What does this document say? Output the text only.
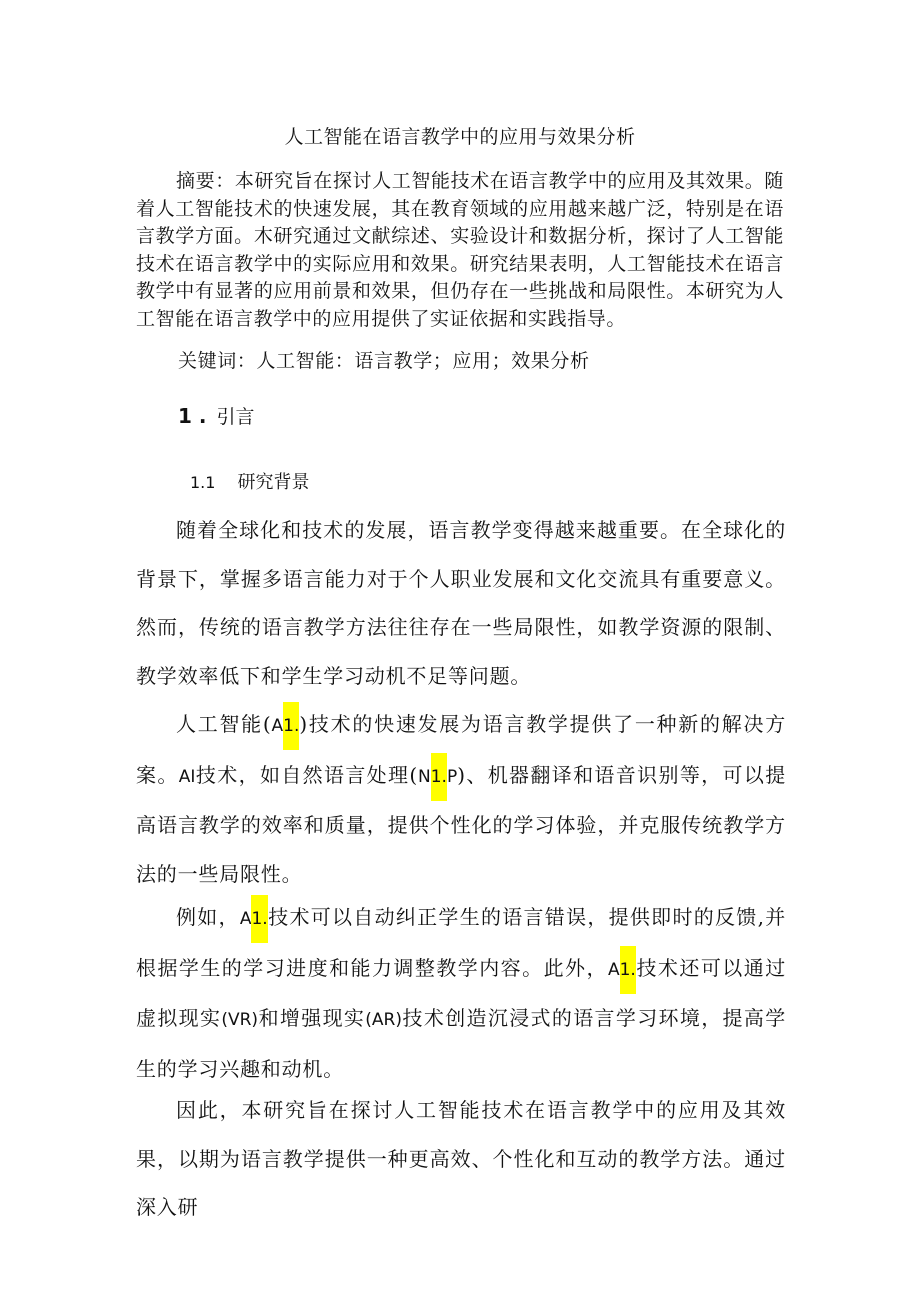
人工智能在语言教学中的应用与效果分析
摘要：本研究旨在探讨人工智能技术在语言教学中的应用及其效果。随着人工智能技术的快速发展，其在教育领域的应用越来越广泛，特别是在语言教学方面。木研究通过文献综述、实验设计和数据分析，探讨了人工智能技术在语言教学中的实际应用和效果。研究结果表明，人工智能技术在语言教学中有显著的应用前景和效果，但仍存在一些挑战和局限性。本研究为人工智能在语言教学中的应用提供了实证依据和实践指导。
关键词：人工智能：语言教学；应用；效果分析
1 . 引言
1.1 研究背景
随着全球化和技术的发展，语言教学变得越来越重要。在全球化的背景下，掌握多语言能力对于个人职业发展和文化交流具有重要意义。然而，传统的语言教学方法往往存在一些局限性，如教学资源的限制、教学效率低下和学生学习动机不足等问题。
人工智能(A1.)技术的快速发展为语言教学提供了一种新的解决方案。AI技术，如自然语言处理(N1.P)、机器翻译和语音识别等，可以提高语言教学的效率和质量，提供个性化的学习体验，并克服传统教学方法的一些局限性。
例如，A1.技术可以自动纠正学生的语言错误，提供即时的反馈,并根据学生的学习进度和能力调整教学内容。此外，A1.技术还可以通过虚拟现实(VR)和增强现实(AR)技术创造沉浸式的语言学习环境，提高学生的学习兴趣和动机。
因此，本研究旨在探讨人工智能技术在语言教学中的应用及其效果，以期为语言教学提供一种更高效、个性化和互动的教学方法。通过深入研
